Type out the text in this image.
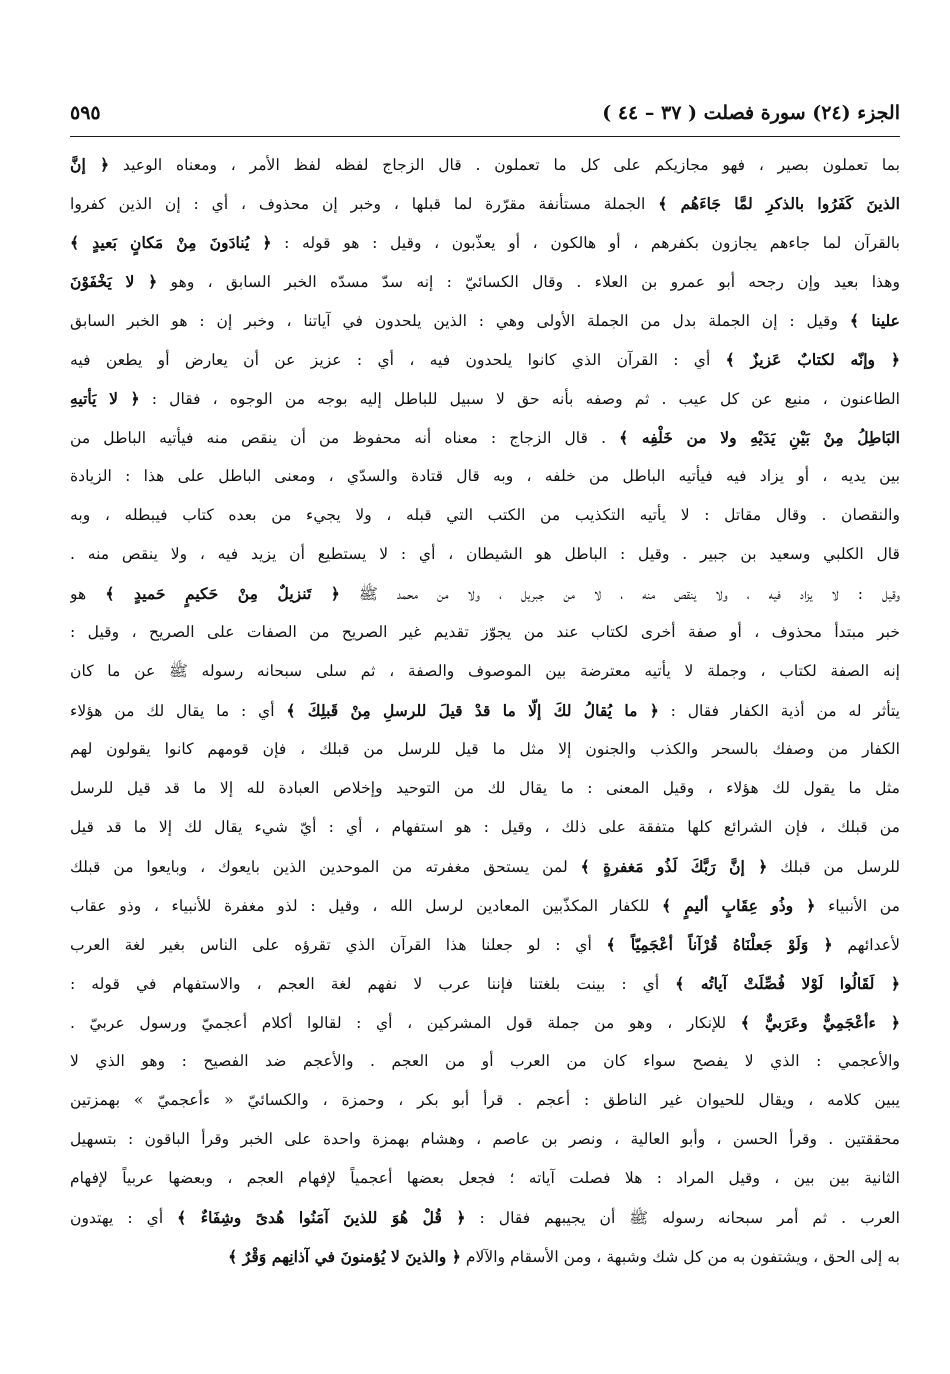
الجزء (٢٤) سورة فصلت ( ٣٧ – ٤٤ )
٥٩٥
بما تعملون بصير ، فهو مجازيكم على كل ما تعملون . قال الزجاج لفظه لفظ الأمر ، ومعناه الوعيد ﴿ إنَّ
الذينَ كَفَرُوا بالذكرِ لمَّا جَاءَهُم ﴾ الجملة مستأنفة مقرّرة لما قبلها ، وخبر إن محذوف ، أي : إن الذين كفروا
بالقرآن لما جاءهم يجازون بكفرهم ، أو هالكون ، أو يعذّبون ، وقيل : هو قوله : ﴿ يُنادَونَ مِنْ مَكانٍ بَعيدٍ ﴾
وهذا بعيد وإن رجحه أبو عمرو بن العلاء . وقال الكسائيّ : إنه سدّ مسدّه الخبر السابق ، وهو ﴿ لا يَخْفَوْنَ
علينا ﴾ وقيل : إن الجملة بدل من الجملة الأولى وهي : الذين يلحدون في آياتنا ، وخبر إن : هو الخبر السابق
﴿ وإنّه لكتابٌ عَزيزٌ ﴾ أي : القرآن الذي كانوا يلحدون فيه ، أي : عزيز عن أن يعارض أو يطعن فيه
الطاعنون ، منيع عن كل عيب . ثم وصفه بأنه حق لا سبيل للباطل إليه بوجه من الوجوه ، فقال : ﴿ لا يَأتيهِ
البَاطِلُ مِنْ بَيْنِ يَدَيْهِ ولا من خَلْفِه ﴾ . قال الزجاج : معناه أنه محفوظ من أن ينقص منه فيأتيه الباطل من
بين يديه ، أو يزاد فيه فيأتيه الباطل من خلفه ، وبه قال قتادة والسدّي ، ومعنى الباطل على هذا : الزيادة
والنقصان . وقال مقاتل : لا يأتيه التكذيب من الكتب التي قبله ، ولا يجيء من بعده كتاب فيبطله ، وبه
قال الكلبي وسعيد بن جبير . وقيل : الباطل هو الشيطان ، أي : لا يستطيع أن يزيد فيه ، ولا ينقص منه .
وقيل : لا يزاد فيه ، ولا ينقص منه ، لا من جبريل ، ولا من محمد ﷺ ﴿ تَنزيلٌ مِنْ حَكيمٍ حَميدٍ ﴾ هو
خبر مبتدأ محذوف ، أو صفة أخرى لكتاب عند من يجوّز تقديم غير الصريح من الصفات على الصريح ، وقيل :
إنه الصفة لكتاب ، وجملة لا يأتيه معترضة بين الموصوف والصفة ، ثم سلى سبحانه رسوله ﷺ عن ما كان
يتأثر له من أذية الكفار فقال : ﴿ ما يُقالُ لكَ إلّا ما قدْ قيلَ للرسلِ مِنْ قَبلِكَ ﴾ أي : ما يقال لك من هؤلاء
الكفار من وصفك بالسحر والكذب والجنون إلا مثل ما قيل للرسل من قبلك ، فإن قومهم كانوا يقولون لهم
مثل ما يقول لك هؤلاء ، وقيل المعنى : ما يقال لك من التوحيد وإخلاص العبادة لله إلا ما قد قيل للرسل
من قبلك ، فإن الشرائع كلها متفقة على ذلك ، وقيل : هو استفهام ، أي : أيّ شيء يقال لك إلا ما قد قيل
للرسل من قبلك ﴿ إنَّ رَبَّكَ لَذُو مَغفرةٍ ﴾ لمن يستحق مغفرته من الموحدين الذين بايعوك ، وبايعوا من قبلك
من الأنبياء ﴿ وذُو عِقَابٍ أليمٍ ﴾ للكفار المكذّبين المعادين لرسل الله ، وقيل : لذو مغفرة للأنبياء ، وذو عقاب
لأعدائهم ﴿ وَلَوْ جَعلْنَاهُ قُرْآناً أعْجَمِيّاً ﴾ أي : لو جعلنا هذا القرآن الذي تقرؤه على الناس بغير لغة العرب
﴿ لَقَالُوا لَوْلا فُصِّلَتْ آياتُه ﴾ أي : بينت بلغتنا فإننا عرب لا نفهم لغة العجم ، والاستفهام في قوله :
﴿ ءأعْجَمِيٌّ وعَرَبيٌّ ﴾ للإنكار ، وهو من جملة قول المشركين ، أي : لقالوا أكلام أعجميّ ورسول عربيّ .
والأعجمي : الذي لا يفصح سواء كان من العرب أو من العجم . والأعجم ضد الفصيح : وهو الذي لا
يبين كلامه ، ويقال للحيوان غير الناطق : أعجم . قرأ أبو بكر ، وحمزة ، والكسائيّ « ءأعجميّ » بهمزتين
محققتين . وقرأ الحسن ، وأبو العالية ، ونصر بن عاصم ، وهشام بهمزة واحدة على الخبر وقرأ الباقون : بتسهيل
الثانية بين بين ، وقيل المراد : هلا فصلت آياته ؛ فجعل بعضها أعجمياً لإفهام العجم ، وبعضها عربياً لإفهام
العرب . ثم أمر سبحانه رسوله ﷺ أن يجيبهم فقال : ﴿ قُلْ هُوَ للذينَ آمَنُوا هُدىً وشِفَاءٌ ﴾ أي : يهتدون
به إلى الحق ، ويشتفون به من كل شك وشبهة ، ومن الأسقام والآلام ﴿ والذينَ لا يُؤمنونَ في آذانِهم وَقْرٌ ﴾
